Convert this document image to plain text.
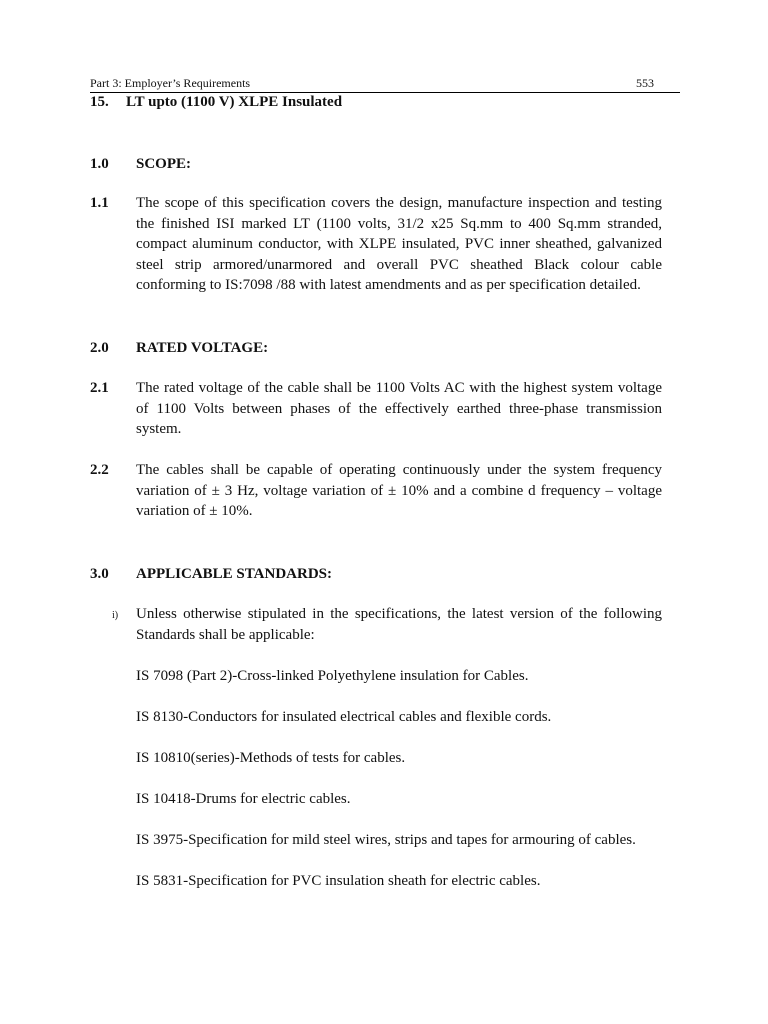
Part 3: Employer’s Requirements	553
15. LT upto (1100 V) XLPE Insulated
1.0 SCOPE:
1.1 The scope of this specification covers the design, manufacture inspection and testing the finished ISI marked LT (1100 volts, 31/2 x25 Sq.mm to 400 Sq.mm stranded, compact aluminum conductor, with XLPE insulated, PVC inner sheathed, galvanized steel strip armored/unarmored and overall PVC sheathed Black colour cable conforming to IS:7098 /88 with latest amendments and as per specification detailed.
2.0 RATED VOLTAGE:
2.1 The rated voltage of the cable shall be 1100 Volts AC with the highest system voltage of 1100 Volts between phases of the effectively earthed three-phase transmission system.
2.2 The cables shall be capable of operating continuously under the system frequency variation of ± 3 Hz, voltage variation of ± 10% and a combine d frequency – voltage variation of ± 10%.
3.0 APPLICABLE STANDARDS:
i) Unless otherwise stipulated in the specifications, the latest version of the following Standards shall be applicable:
IS 7098 (Part 2)-Cross-linked Polyethylene insulation for Cables.
IS 8130-Conductors for insulated electrical cables and flexible cords.
IS 10810(series)-Methods of tests for cables.
IS 10418-Drums for electric cables.
IS 3975-Specification for mild steel wires, strips and tapes for armouring of cables.
IS 5831-Specification for PVC insulation sheath for electric cables.
